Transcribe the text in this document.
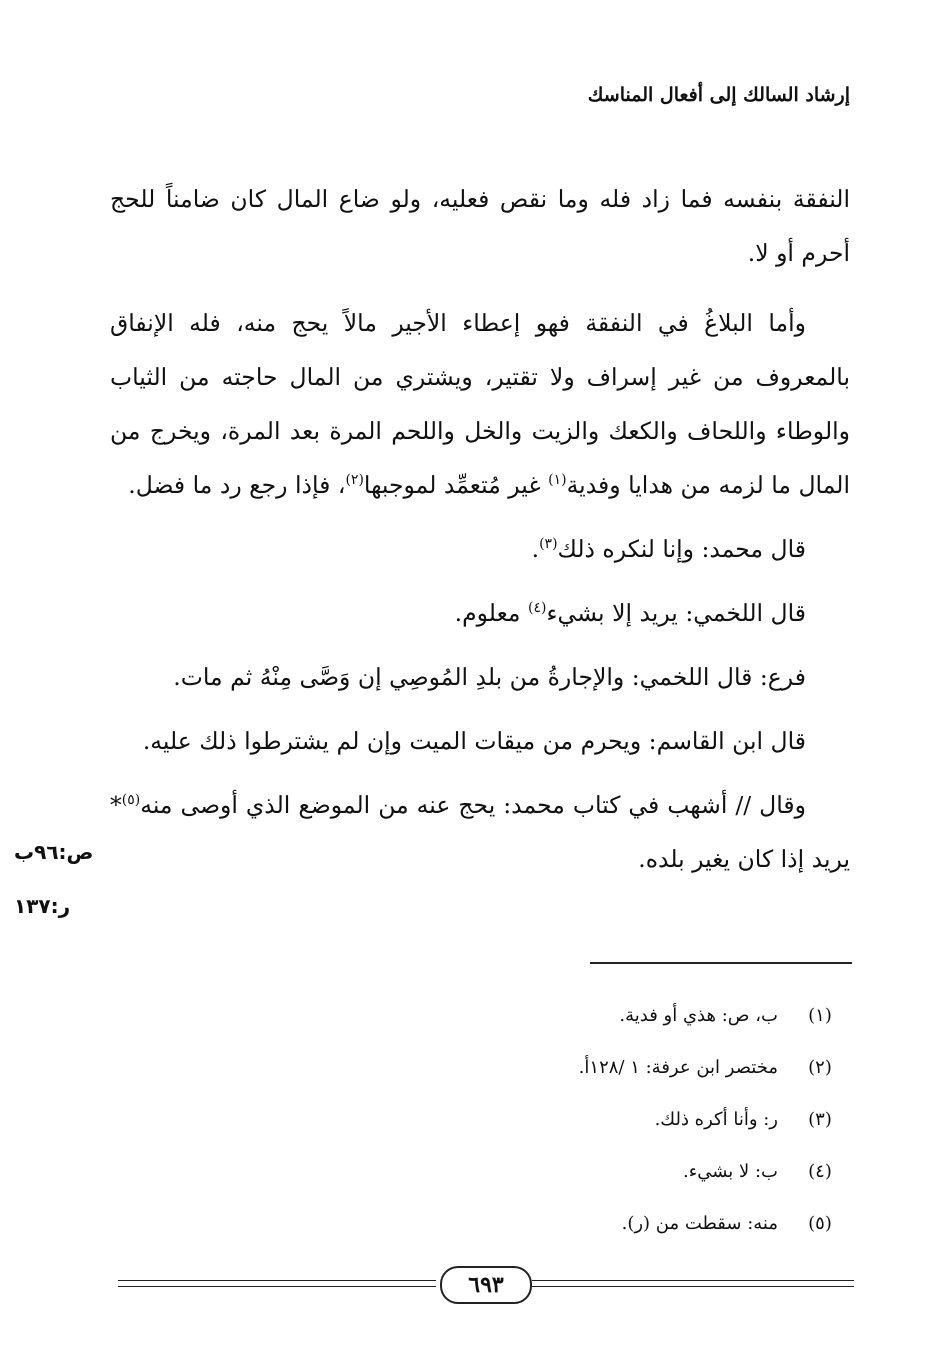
إرشاد السالك إلى أفعال المناسك

النفقة بنفسه فما زاد فله وما نقص فعليه، ولو ضاع المال كان ضامناً للحج أحرم أو لا.

وأما البلاغُ في النفقة فهو إعطاء الأجير مالاً يحج منه، فله الإنفاق بالمعروف من غير إسراف ولا تقتير، ويشتري من المال حاجته من الثياب والوطاء واللحاف والكعك والزيت والخل واللحم المرة بعد المرة، ويخرج من المال ما لزمه من هدايا وفدية$^{(١)}$ غير مُتعمِّد لموجبها$^{(٢)}$، فإذا رجع رد ما فضل.

قال محمد: وإنا لنكره ذلك$^{(٣)}$.

قال اللخمي: يريد إلا بشيء$^{(٤)}$ معلوم.

فرع: قال اللخمي: والإجارةُ من بلدِ المُوصِي إن وَصَّى مِنْهُ ثم مات.

قال ابن القاسم: ويحرم من ميقات الميت وإن لم يشترطوا ذلك عليه.

وقال // أشهب في كتاب محمد: يحج عنه من الموضع الذي أوصى منه$^{(٥)}$* يريد إذا كان يغير بلده.

ص:٩٦ب
ر:١٣٧
(١)
ب، ص: هذي أو فدية.
(٢)
مختصر ابن عرفة: ١ /١٢٨أ.
(٣)
ر: وأنا أكره ذلك.
(٤)
ب: لا بشيء.
(٥)
منه: سقطت من (ر).
٦٩٣
